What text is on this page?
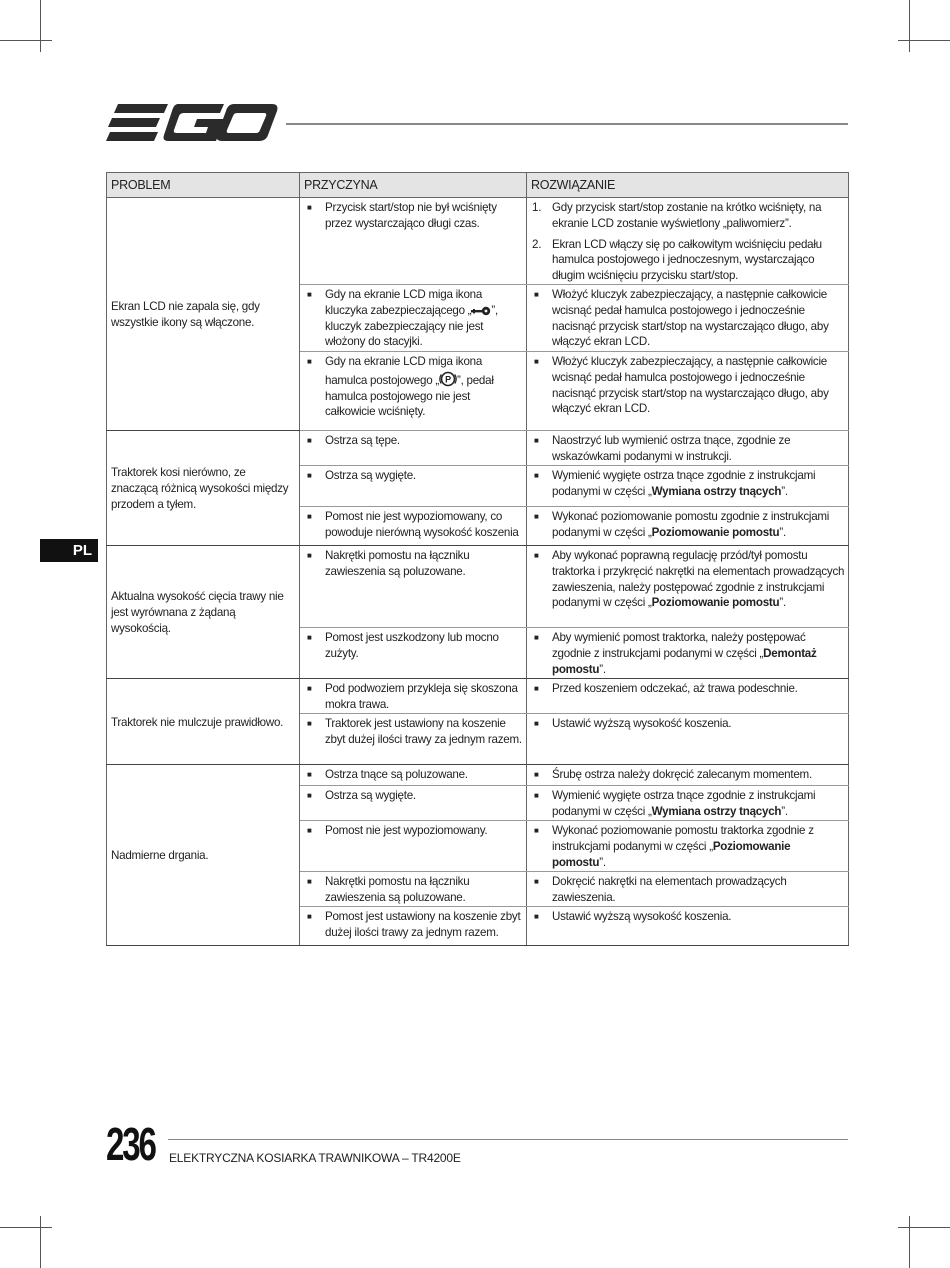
PL
PROBLEM	PRZYCZYNA	ROZWIĄZANIE
Ekran LCD nie zapala się, gdy wszystkie ikony są włączone.	■ Przycisk start/stop nie był wciśnięty przez wystarczająco długi czas.	1. Gdy przycisk start/stop zostanie na krótko wciśnięty, na ekranie LCD zostanie wyświetlony „paliwomierz”.

2. Ekran LCD włączy się po całkowitym wciśnięciu pedału hamulca postojowego i jednoczesnym, wystarczająco długim wciśnięciu przycisku start/stop.

	■ Gdy na ekranie LCD miga ikona kluczyka zabezpieczającego „ ”, kluczyk zabezpieczający nie jest włożony do stacyjki.	■ Włożyć kluczyk zabezpieczający, a następnie całkowicie wcisnąć pedał hamulca postojowego i jednocześnie nacisnąć przycisk start/stop na wystarczająco długo, aby włączyć ekran LCD.

	■ Gdy na ekranie LCD miga ikona hamulca postojowego „ P ”, pedał hamulca postojowego nie jest całkowicie wciśnięty.	■ Włożyć kluczyk zabezpieczający, a następnie całkowicie wcisnąć pedał hamulca postojowego i jednocześnie nacisnąć przycisk start/stop na wystarczająco długo, aby włączyć ekran LCD.

Traktorek kosi nierówno, ze znaczącą różnicą wysokości między przodem a tyłem.	■ Ostrza są tępe.	■ Naostrzyć lub wymienić ostrza tnące, zgodnie ze wskazówkami podanymi w instrukcji.

	■ Ostrza są wygięte.	■ Wymienić wygięte ostrza tnące zgodnie z instrukcjami podanymi w części „Wymiana ostrzy tnących”.

	■ Pomost nie jest wypoziomowany, co powoduje nierówną wysokość koszenia	■ Wykonać poziomowanie pomostu zgodnie z instrukcjami podanymi w części „Poziomowanie pomostu”.

Aktualna wysokość cięcia trawy nie jest wyrównana z żądaną wysokością.	■ Nakrętki pomostu na łączniku zawieszenia są poluzowane.	■ Aby wykonać poprawną regulację przód/tył pomostu traktorka i przykręcić nakrętki na elementach prowadzących zawieszenia, należy postępować zgodnie z instrukcjami podanymi w części „Poziomowanie pomostu”.

	■ Pomost jest uszkodzony lub mocno zużyty.	■ Aby wymienić pomost traktorka, należy postępować zgodnie z instrukcjami podanymi w części „Demontaż pomostu”.

Traktorek nie mulczuje prawidłowo.	■ Pod podwoziem przykleja się skoszona mokra trawa.	■ Przed koszeniem odczekać, aż trawa podeschnie.

	■ Traktorek jest ustawiony na koszenie zbyt dużej ilości trawy za jednym razem.	■ Ustawić wyższą wysokość koszenia.

Nadmierne drgania.	■ Ostrza tnące są poluzowane.	■ Śrubę ostrza należy dokręcić zalecanym momentem.

	■ Ostrza są wygięte.	■ Wymienić wygięte ostrza tnące zgodnie z instrukcjami podanymi w części „Wymiana ostrzy tnących”.

	■ Pomost nie jest wypoziomowany.	■ Wykonać poziomowanie pomostu traktorka zgodnie z instrukcjami podanymi w części „Poziomowanie pomostu”.

	■ Nakrętki pomostu na łączniku zawieszenia są poluzowane.	■ Dokręcić nakrętki na elementach prowadzących zawieszenia.

	■ Pomost jest ustawiony na koszenie zbyt dużej ilości trawy za jednym razem.	■ Ustawić wyższą wysokość koszenia.

236 ELEKTRYCZNA KOSIARKA TRAWNIKOWA – TR4200E
